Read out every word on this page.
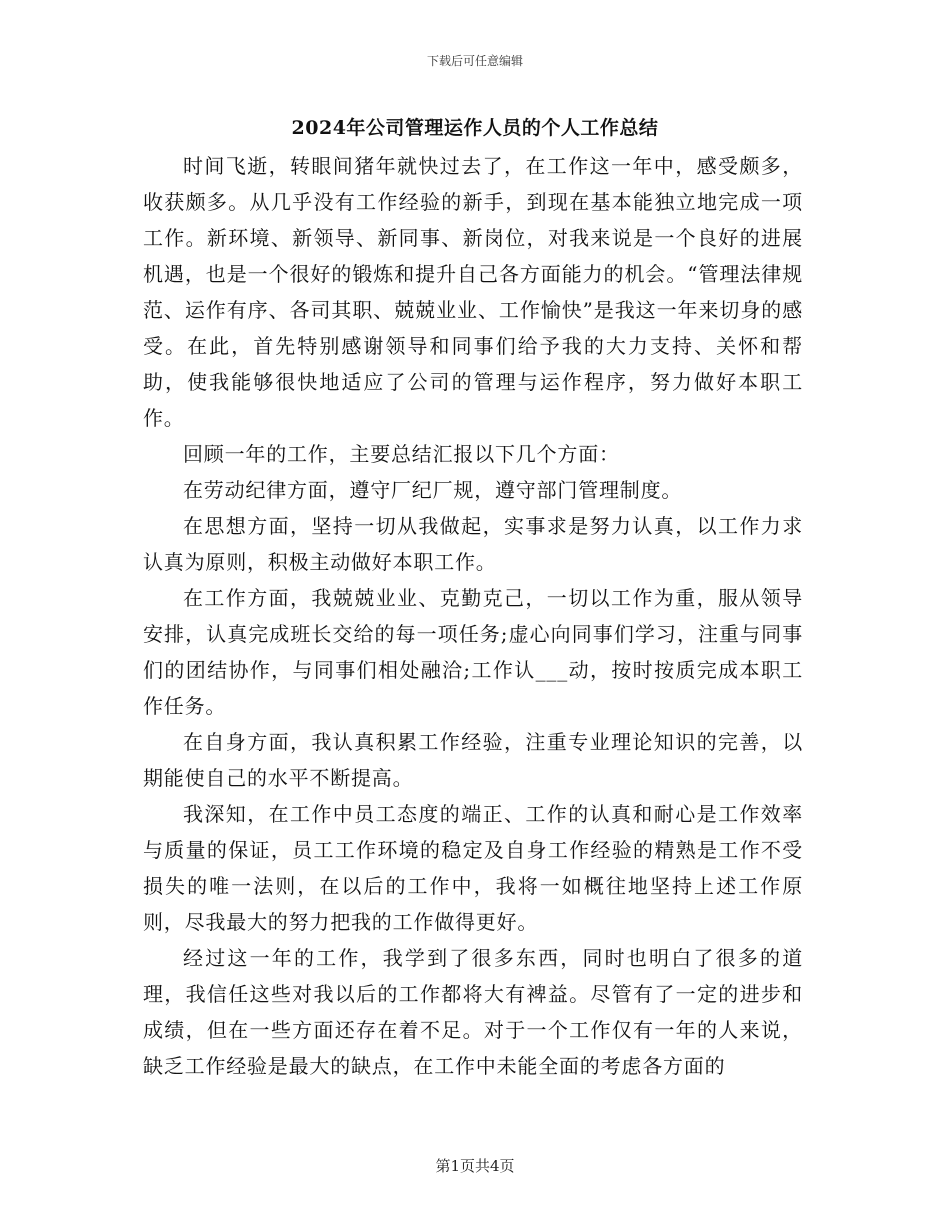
下载后可任意编辑
2024年公司管理运作人员的个人工作总结

时间飞逝，转眼间猪年就快过去了，在工作这一年中，感受颇多，收获颇多。从几乎没有工作经验的新手，到现在基本能独立地完成一项工作。新环境、新领导、新同事、新岗位，对我来说是一个良好的进展机遇，也是一个很好的锻炼和提升自己各方面能力的机会。“管理法律规范、运作有序、各司其职、兢兢业业、工作愉快”是我这一年来切身的感受。在此，首先特别感谢领导和同事们给予我的大力支持、关怀和帮助，使我能够很快地适应了公司的管理与运作程序，努力做好本职工作。

回顾一年的工作，主要总结汇报以下几个方面：

在劳动纪律方面，遵守厂纪厂规，遵守部门管理制度。

在思想方面，坚持一切从我做起，实事求是努力认真，以工作力求认真为原则，积极主动做好本职工作。

在工作方面，我兢兢业业、克勤克己，一切以工作为重，服从领导安排，认真完成班长交给的每一项任务;虚心向同事们学习，注重与同事们的团结协作，与同事们相处融洽;工作认___动，按时按质完成本职工作任务。

在自身方面，我认真积累工作经验，注重专业理论知识的完善，以期能使自己的水平不断提高。

我深知，在工作中员工态度的端正、工作的认真和耐心是工作效率与质量的保证，员工工作环境的稳定及自身工作经验的精熟是工作不受损失的唯一法则，在以后的工作中，我将一如概往地坚持上述工作原则，尽我最大的努力把我的工作做得更好。

经过这一年的工作，我学到了很多东西，同时也明白了很多的道理，我信任这些对我以后的工作都将大有裨益。尽管有了一定的进步和成绩，但在一些方面还存在着不足。对于一个工作仅有一年的人来说，缺乏工作经验是最大的缺点，在工作中未能全面的考虑各方面的

第1页共4页
